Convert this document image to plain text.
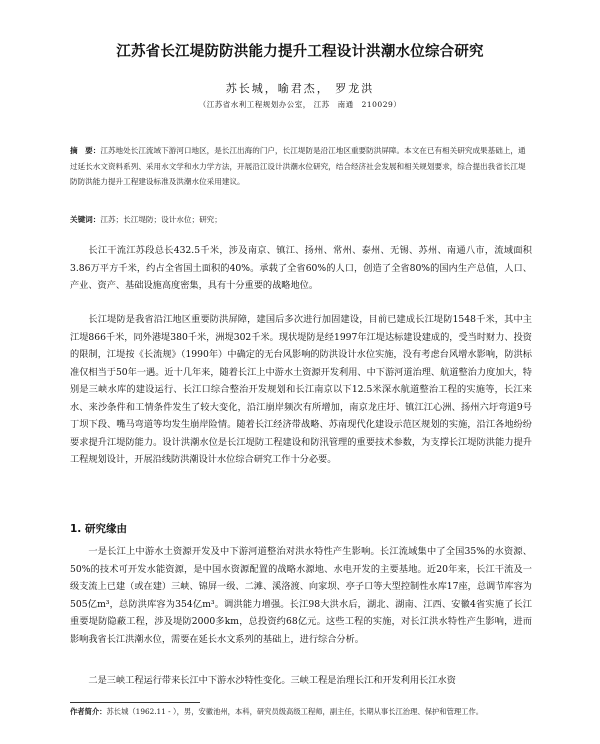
江苏省长江堤防防洪能力提升工程设计洪潮水位综合研究
苏长城，喻君杰， 罗龙洪
（江苏省水利工程规划办公室， 江苏　南通　210029）
摘　要：江苏地处长江流域下游河口地区，是长江出海的门户，长江堤防是沿江地区重要防洪屏障。本文在已有相关研究成果基础上，通过延长水文资料系列、采用水文学和水力学方法，开展沿江设计洪潮水位研究，结合经济社会发展和相关规划要求，综合提出我省长江堤防防洪能力提升工程建设标准及洪潮水位采用建议。
关键词：江苏；长江堤防；设计水位；研究；

长江干流江苏段总长432.5千米，涉及南京、镇江、扬州、常州、泰州、无锡、苏州、南通八市，流域面积3.86万平方千米，约占全省国土面积的40%。承载了全省60%的人口，创造了全省80%的国内生产总值，人口、产业、资产、基础设施高度密集，具有十分重要的战略地位。

长江堤防是我省沿江地区重要防洪屏障，建国后多次进行加固建设，目前已建成长江堤防1548千米，其中主江堤866千米，同外港堤380千米，洲堤302千米。现状堤防是经1997年江堤达标建设建成的，受当时财力、投资的限制，江堤按《长流规》（1990年）中确定的无台风影响的防洪设计水位实施，没有考虑台风增水影响，防洪标准仅相当于50年一遇。近十几年来，随着长江上中游水土资源开发利用、中下游河道治理、航道整治力度加大，特别是三峡水库的建设运行、长江口综合整治开发规划和长江南京以下12.5米深水航道整治工程的实施等，长江来水、来沙条件和工情条件发生了较大变化，沿江崩岸频次有所增加，南京龙庄圩、镇江江心洲、扬州六圩弯道9号丁坝下段、嘴马弯道等均发生崩岸险情。随着长江经济带战略、苏南现代化建设示范区规划的实施，沿江各地纷纷要求提升江堤防能力。设计洪潮水位是长江堤防工程建设和防汛管理的重要技术参数，为支撑长江堤防洪能力提升工程规划设计，开展沿线防洪潮设计水位综合研究工作十分必要。

1. 研究缘由

一是长江上中游水土资源开发及中下游河道整治对洪水特性产生影响。长江流域集中了全国35%的水资源、50%的技术可开发水能资源，是中国水资源配置的战略水源地、水电开发的主要基地。近20年来，长江干流及一级支流上已建（或在建）三峡、锦屏一级、二滩、溪洛渡、向家坝、亭子口等大型控制性水库17座，总调节库容为505亿m³，总防洪库容为354亿m³。调洪能力增强。长江98大洪水后，湖北、湖南、江西、安徽4省实施了长江重要堤防隐蔽工程，涉及堤防2000多km，总投资约68亿元。这些工程的实施，对长江洪水特性产生影响，进而影响我省长江洪潮水位，需要在延长水文系列的基础上，进行综合分析。

二是三峡工程运行带来长江中下游水沙特性变化。三峡工程是治理长江和开发利用长江水资

作者简介：苏长城（1962.11 - ），男，安徽池州，本科，研究员级高级工程师，副主任，长期从事长江治理、保护和管理工作。
